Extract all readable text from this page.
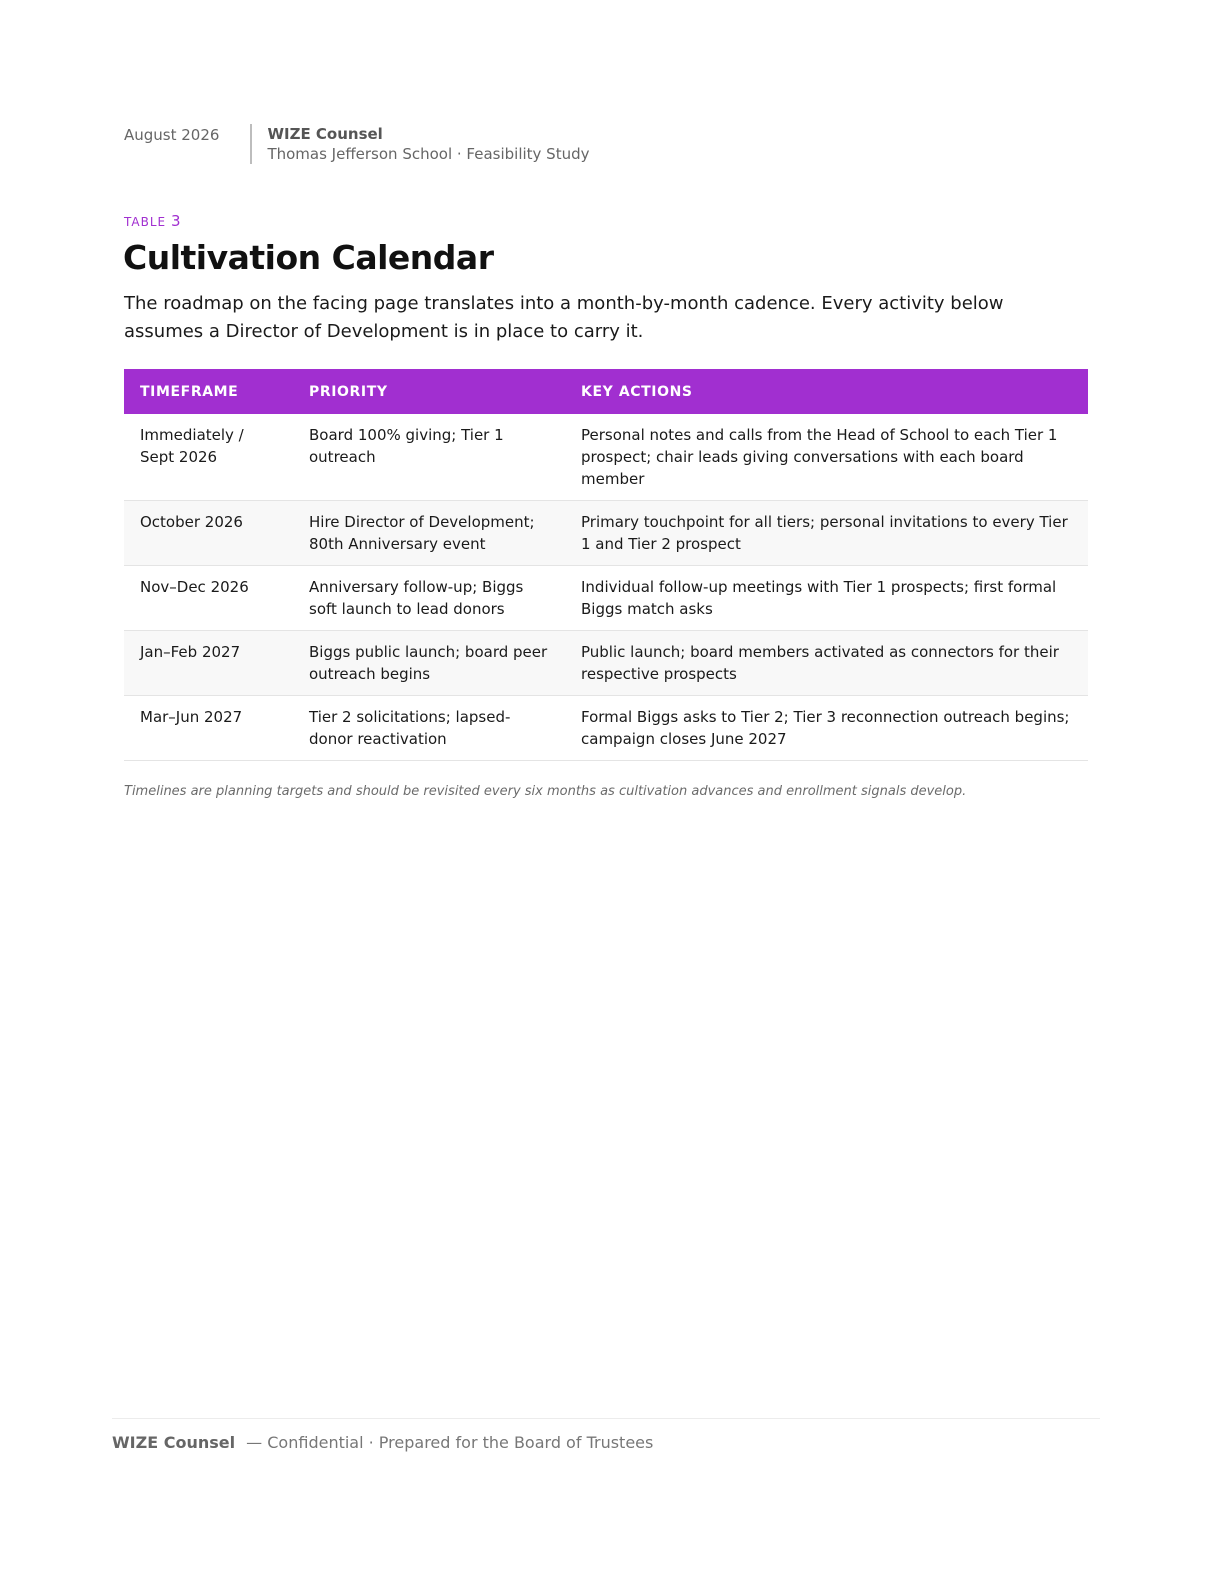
August 2026	WIZE Counsel
Thomas Jefferson School · Feasibility Study
TABLE 3
Cultivation Calendar

The roadmap on the facing page translates into a month-by-month cadence. Every activity below assumes a Director of Development is in place to carry it.

TIMEFRAME	PRIORITY	KEY ACTIONS
Immediately / Sept 2026	Board 100% giving; Tier 1 outreach	Personal notes and calls from the Head of School to each Tier 1 prospect; chair leads giving conversations with each board member
October 2026	Hire Director of Development; 80th Anniversary event	Primary touchpoint for all tiers; personal invitations to every Tier 1 and Tier 2 prospect
Nov–Dec 2026	Anniversary follow-up; Biggs soft launch to lead donors	Individual follow-up meetings with Tier 1 prospects; first formal Biggs match asks
Jan–Feb 2027	Biggs public launch; board peer outreach begins	Public launch; board members activated as connectors for their respective prospects
Mar–Jun 2027	Tier 2 solicitations; lapsed-donor reactivation	Formal Biggs asks to Tier 2; Tier 3 reconnection outreach begins; campaign closes June 2027
Timelines are planning targets and should be revisited every six months as cultivation advances and enrollment signals develop.
WIZE Counsel — Confidential · Prepared for the Board of Trustees
